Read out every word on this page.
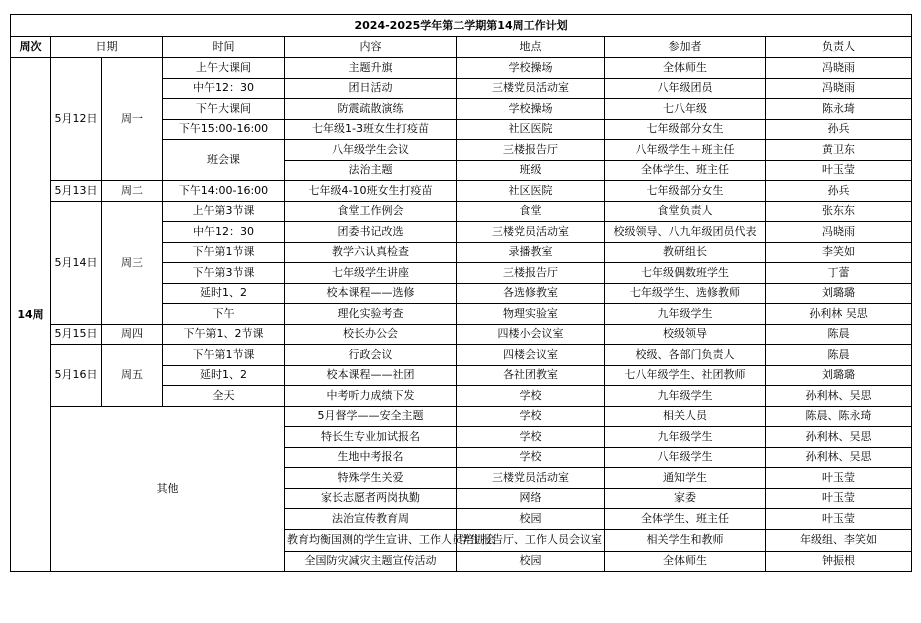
2024-2025学年第二学期第14周工作计划							
周次	日期		时间	内容	地点	参加者	负责人
14周	5月12日	周一	上午大课间	主题升旗	学校操场	全体师生	冯晓雨
			中午12：30	团日活动	三楼党员活动室	八年级团员	冯晓雨
			下午大课间	防震疏散演练	学校操场	七八年级	陈永琦
			下午15:00-16:00	七年级1-3班女生打疫苗	社区医院	七年级部分女生	孙兵
			班会课	八年级学生会议	三楼报告厅	八年级学生＋班主任	黄卫东
				法治主题	班级	全体学生、班主任	叶玉莹
	5月13日	周二	下午14:00-16:00	七年级4-10班女生打疫苗	社区医院	七年级部分女生	孙兵
	5月14日	周三	上午第3节课	食堂工作例会	食堂	食堂负责人	张东东
			中午12：30	团委书记改选	三楼党员活动室	校级领导、八九年级团员代表	冯晓雨
			下午第1节课	教学六认真检查	录播教室	教研组长	李笑如
			下午第3节课	七年级学生讲座	三楼报告厅	七年级偶数班学生	丁蕾
			延时1、2	校本课程——选修	各选修教室	七年级学生、选修教师	刘璐璐
			下午	理化实验考查	物理实验室	九年级学生	孙利林 吴思
	5月15日	周四	下午第1、2节课	校长办公会	四楼小会议室	校级领导	陈晨
	5月16日	周五	下午第1节课	行政会议	四楼会议室	校级、各部门负责人	陈晨
			延时1、2	校本课程——社团	各社团教室	七八年级学生、社团教师	刘璐璐
			全天	中考听力成绩下发	学校	九年级学生	孙利林、吴思
	其他			5月督学——安全主题	学校	相关人员	陈晨、陈永琦
				特长生专业加试报名	学校	九年级学生	孙利林、吴思
				生地中考报名	学校	八年级学生	孙利林、吴思
				特殊学生关爱	三楼党员活动室	通知学生	叶玉莹
				家长志愿者两岗执勤	网络	家委	叶玉莹
				法治宣传教育周	校园	全体学生、班主任	叶玉莹
				教育均衡国测的学生宣讲、工作人员培训会	学生报告厅、工作人员会议室	相关学生和教师	年级组、李笑如
				全国防灾减灾主题宣传活动	校园	全体师生	钟振根
